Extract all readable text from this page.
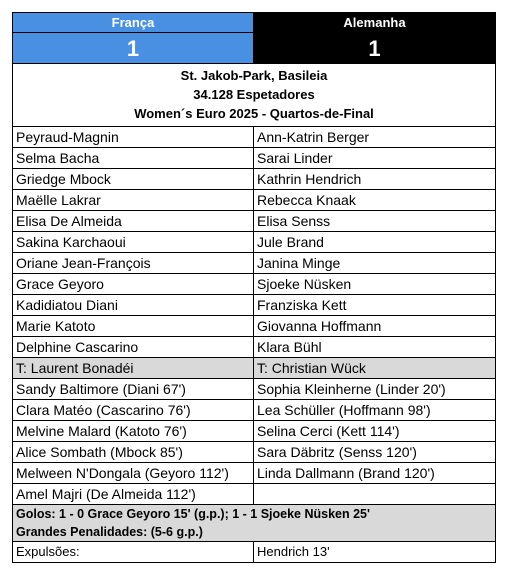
França	Alemanha
1	1
St. Jakob-Park, Basileia
34.128 Espetadores
Women´s Euro 2025 - Quartos-de-Final
Peyraud-Magnin	Ann-Katrin Berger
Selma Bacha	Sarai Linder
Griedge Mbock	Kathrin Hendrich
Maëlle Lakrar	Rebecca Knaak
Elisa De Almeida	Elisa Senss
Sakina Karchaoui	Jule Brand
Oriane Jean-François	Janina Minge
Grace Geyoro	Sjoeke Nüsken
Kadidiatou Diani	Franziska Kett
Marie Katoto	Giovanna Hoffmann
Delphine Cascarino	Klara Bühl
T: Laurent Bonadéi	T: Christian Wück
Sandy Baltimore (Diani 67')	Sophia Kleinherne (Linder 20')
Clara Matéo (Cascarino 76')	Lea Schüller (Hoffmann 98')
Melvine Malard (Katoto 76')	Selina Cerci (Kett 114')
Alice Sombath (Mbock 85')	Sara Däbritz (Senss 120')
Melween N'Dongala (Geyoro 112')	Linda Dallmann (Brand 120')
Amel Majri (De Almeida 112')
Golos: 1 - 0 Grace Geyoro 15' (g.p.); 1 - 1 Sjoeke Nüsken 25'
Grandes Penalidades: (5-6 g.p.)
Expulsões:	Hendrich 13'
